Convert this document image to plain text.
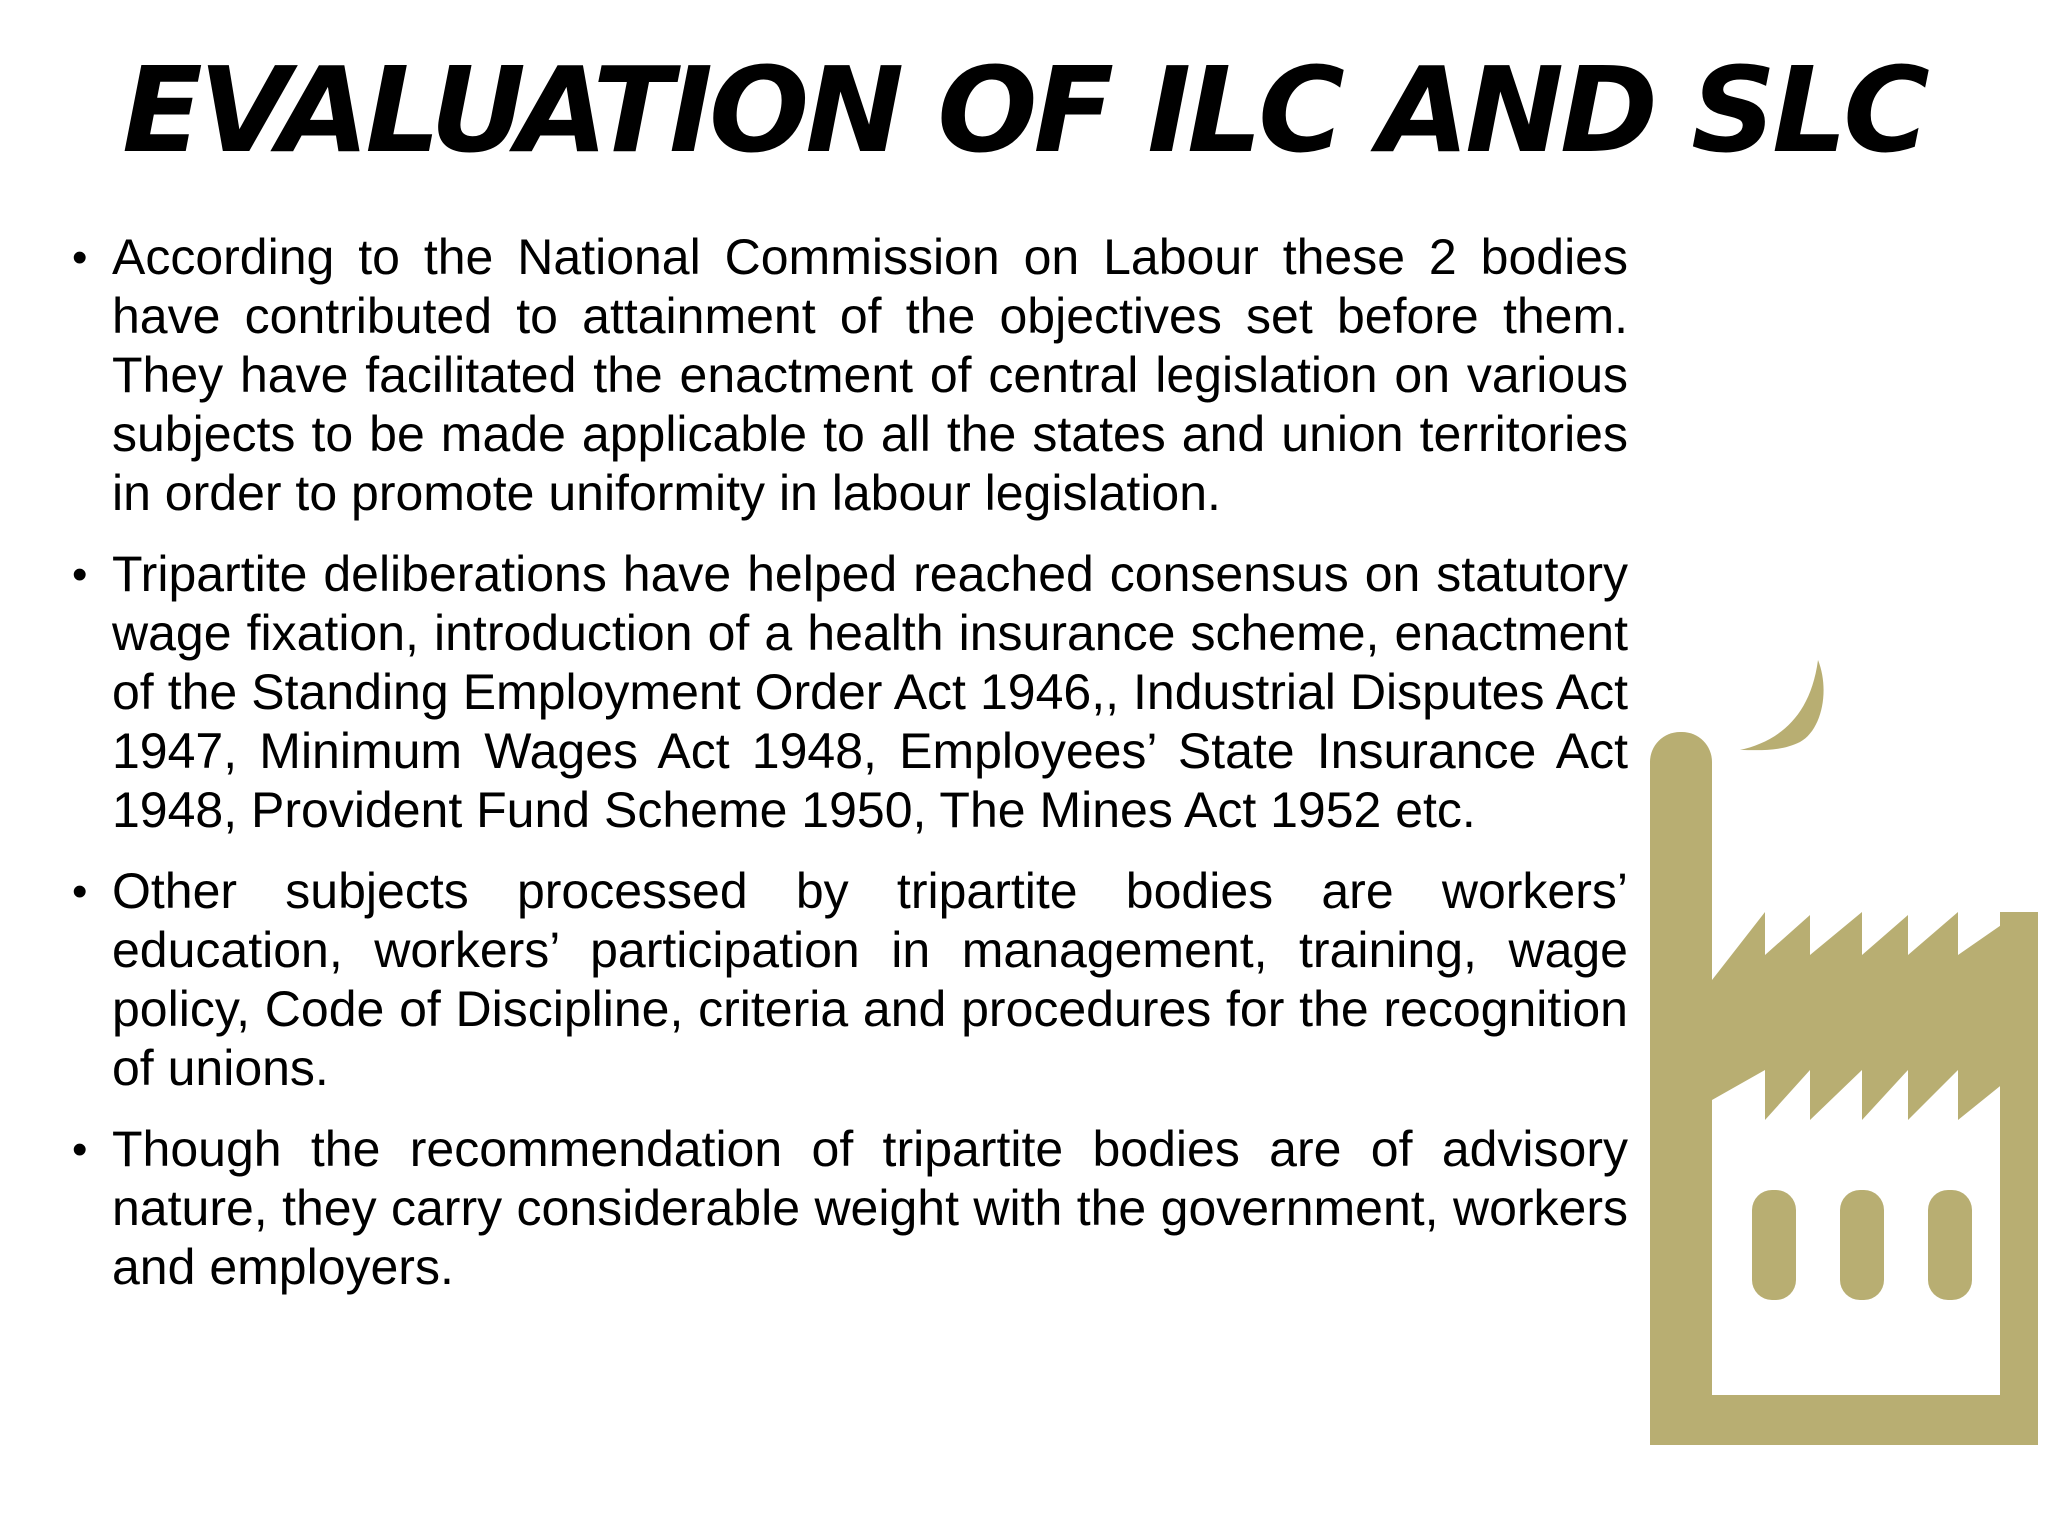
EVALUATION OF ILC AND SLC
• According to the National Commission on Labour these 2 bodies have contributed to attainment of the objectives set before them. They have facilitated the enactment of central legislation on various subjects to be made applicable to all the states and union territories in order to promote uniformity in labour legislation.
• Tripartite deliberations have helped reached consensus on statutory wage fixation, introduction of a health insurance scheme, enactment of the Standing Employment Order Act 1946,, Industrial Disputes Act 1947, Minimum Wages Act 1948, Employees’ State Insurance Act 1948, Provident Fund Scheme 1950, The Mines Act 1952 etc.
• Other subjects processed by tripartite bodies are workers’ education, workers’ participation in management, training, wage policy, Code of Discipline, criteria and procedures for the recognition of unions.
• Though the recommendation of tripartite bodies are of advisory nature, they carry considerable weight with the government, workers and employers.
